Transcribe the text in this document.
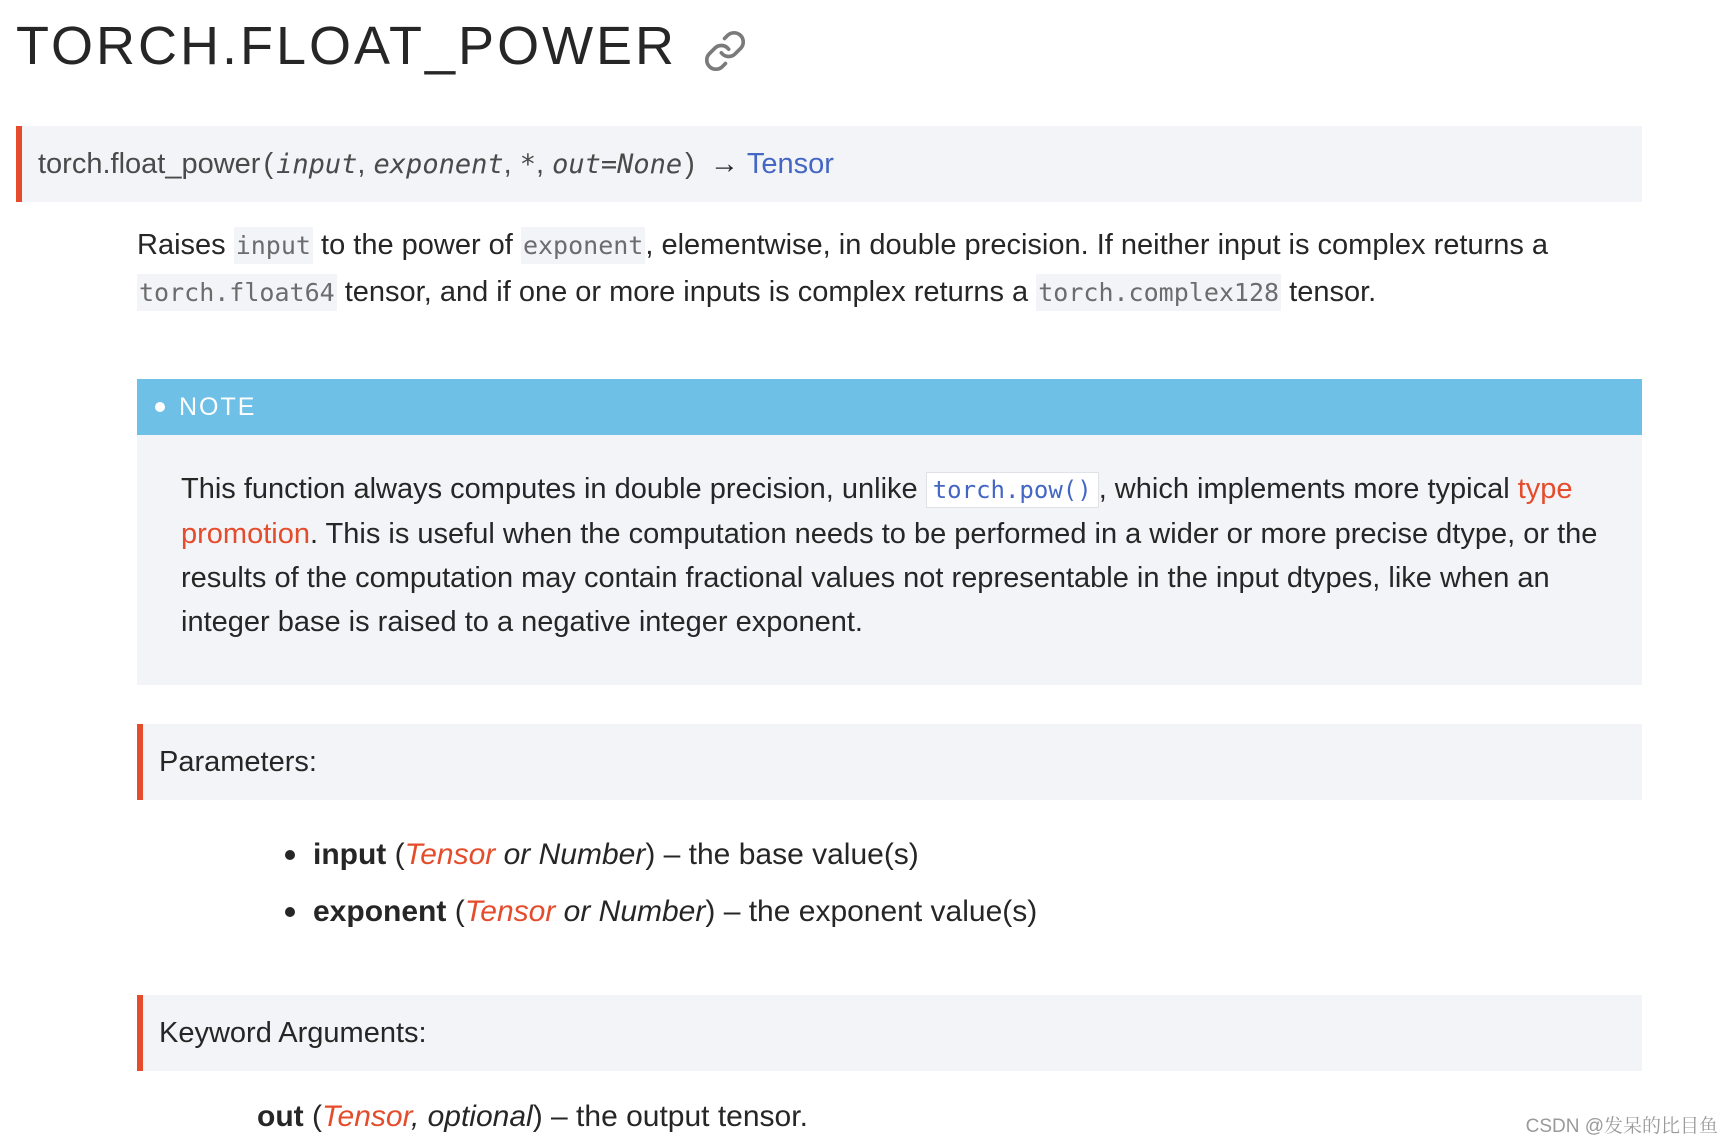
TORCH.FLOAT_POWER
torch.float_power ( input ,
exponent ,
* ,
out=None ) → Tensor
Raises input to the power of exponent, elementwise, in double precision. If neither input is complex returns a torch.float64 tensor, and if one or more inputs is complex returns a torch.complex128 tensor.
NOTE
This function always computes in double precision, unlike torch.pow() , which implements more typical type promotion. This is useful when the computation needs to be performed in a wider or more precise dtype, or the results of the computation may contain fractional values not representable in the input dtypes, like when an integer base is raised to a negative integer exponent.
Parameters:
input ( Tensor or Number ) – the base value(s)
exponent ( Tensor or Number ) – the exponent value(s)
Keyword Arguments:
out ( Tensor, optional ) – the output tensor.	CSDN @发呆的比目鱼
